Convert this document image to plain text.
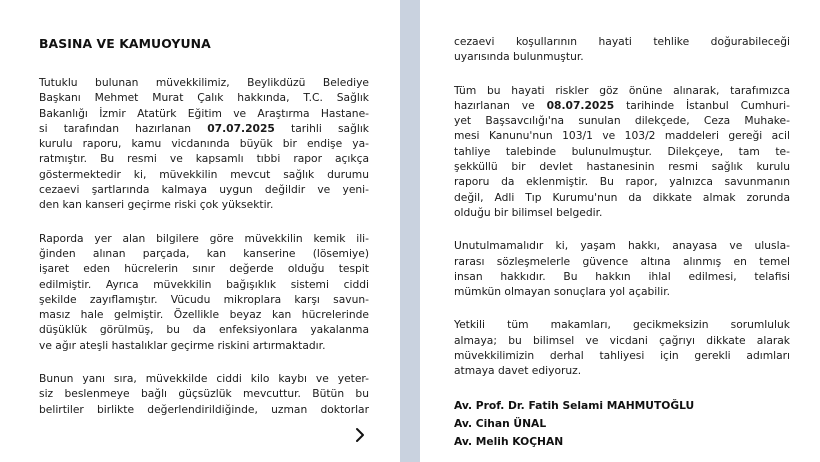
BASINA VE KAMUOYUNA
Tutuklu bulunan müvekkilimiz, Beylikdüzü Belediye
Başkanı Mehmet Murat Çalık hakkında, T.C. Sağlık
Bakanlığı İzmir Atatürk Eğitim ve Araştırma Hastane-
si tarafından hazırlanan 07.07.2025 tarihli sağlık
kurulu raporu, kamu vicdanında büyük bir endişe ya-
ratmıştır. Bu resmi ve kapsamlı tıbbi rapor açıkça
göstermektedir ki, müvekkilin mevcut sağlık durumu
cezaevi şartlarında kalmaya uygun değildir ve yeni-
den kan kanseri geçirme riski çok yüksektir.
Raporda yer alan bilgilere göre müvekkilin kemik ili-
ğinden alınan parçada, kan kanserine (lösemiye)
işaret eden hücrelerin sınır değerde olduğu tespit
edilmiştir. Ayrıca müvekkilin bağışıklık sistemi ciddi
şekilde zayıflamıştır. Vücudu mikroplara karşı savun-
masız hale gelmiştir. Özellikle beyaz kan hücrelerinde
düşüklük görülmüş, bu da enfeksiyonlara yakalanma
ve ağır ateşli hastalıklar geçirme riskini artırmaktadır.
Bunun yanı sıra, müvekkilde ciddi kilo kaybı ve yeter-
siz beslenmeye bağlı güçsüzlük mevcuttur. Bütün bu
belirtiler birlikte değerlendirildiğinde, uzman doktorlar
cezaevi koşullarının hayati tehlike doğurabileceği
uyarısında bulunmuştur.
Tüm bu hayati riskler göz önüne alınarak, tarafımızca
hazırlanan ve 08.07.2025 tarihinde İstanbul Cumhuri-
yet Başsavcılığı'na sunulan dilekçede, Ceza Muhake-
mesi Kanunu'nun 103/1 ve 103/2 maddeleri gereği acil
tahliye talebinde bulunulmuştur. Dilekçeye, tam te-
şekküllü bir devlet hastanesinin resmi sağlık kurulu
raporu da eklenmiştir. Bu rapor, yalnızca savunmanın
değil, Adli Tıp Kurumu'nun da dikkate almak zorunda
olduğu bir bilimsel belgedir.
Unutulmamalıdır ki, yaşam hakkı, anayasa ve ulusla-
rarası sözleşmelerle güvence altına alınmış en temel
insan hakkıdır. Bu hakkın ihlal edilmesi, telafisi
mümkün olmayan sonuçlara yol açabilir.
Yetkili tüm makamları, gecikmeksizin sorumluluk
almaya; bu bilimsel ve vicdani çağrıyı dikkate alarak
müvekkilimizin derhal tahliyesi için gerekli adımları
atmaya davet ediyoruz.
Av. Prof. Dr. Fatih Selami MAHMUTOĞLU
Av. Cihan ÜNAL
Av. Melih KOÇHAN
